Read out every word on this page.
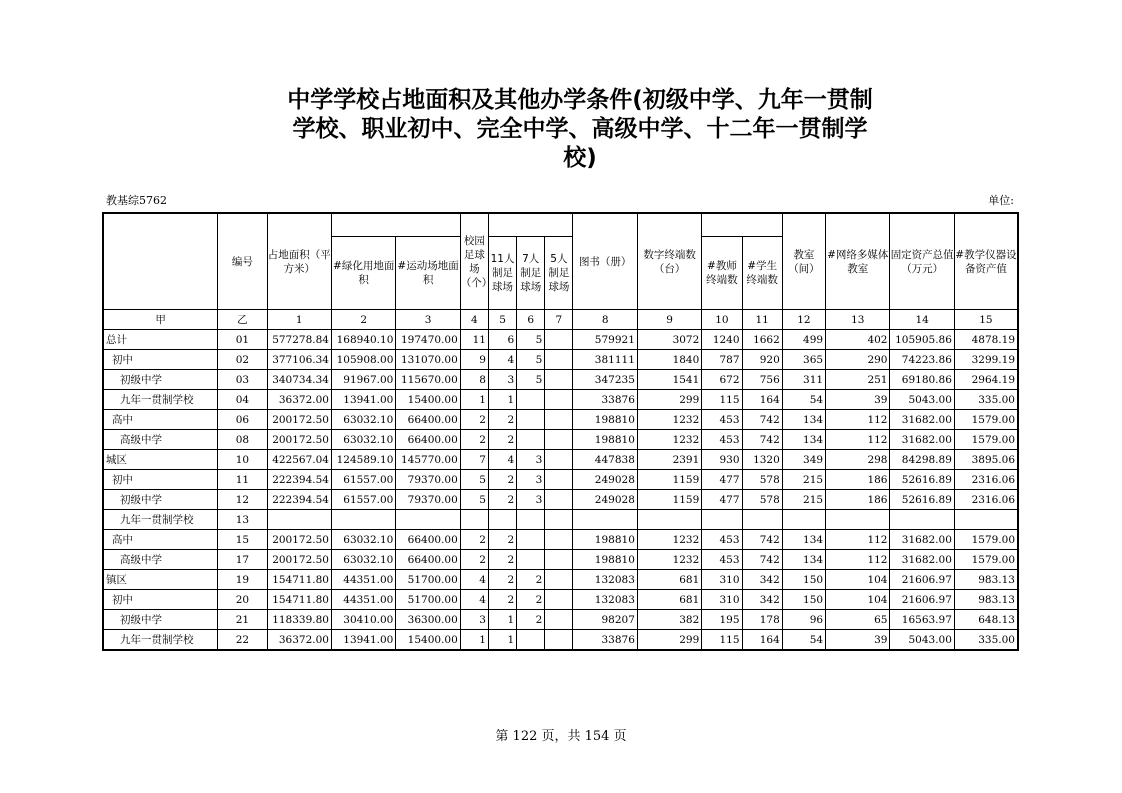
中学学校占地面积及其他办学条件(初级中学、九年一贯制
学校、职业初中、完全中学、高级中学、十二年一贯制学
校)
教基综5762	单位:
	编号	占地面积（平方米）			校园足球场（个）				图书（册）	数字终端数（台）			教室（间）	#网络多媒体教室	固定资产总值（万元）	#教学仪器设备资产值
			#绿化用地面积	#运动场地面积		11人制足球场	7人制足球场	5人制足球场			#教师终端数	#学生终端数				
甲	乙	1	2	3	4	5	6	7	8	9	10	11	12	13	14	15
总计	01	577278.84	168940.10	197470.00	11	6	5		579921	3072	1240	1662	499	402	105905.86	4878.19
初中	02	377106.34	105908.00	131070.00	9	4	5		381111	1840	787	920	365	290	74223.86	3299.19
初级中学	03	340734.34	91967.00	115670.00	8	3	5		347235	1541	672	756	311	251	69180.86	2964.19
九年一贯制学校	04	36372.00	13941.00	15400.00	1	1			33876	299	115	164	54	39	5043.00	335.00
高中	06	200172.50	63032.10	66400.00	2	2			198810	1232	453	742	134	112	31682.00	1579.00
高级中学	08	200172.50	63032.10	66400.00	2	2			198810	1232	453	742	134	112	31682.00	1579.00
城区	10	422567.04	124589.10	145770.00	7	4	3		447838	2391	930	1320	349	298	84298.89	3895.06
初中	11	222394.54	61557.00	79370.00	5	2	3		249028	1159	477	578	215	186	52616.89	2316.06
初级中学	12	222394.54	61557.00	79370.00	5	2	3		249028	1159	477	578	215	186	52616.89	2316.06
九年一贯制学校	13															
高中	15	200172.50	63032.10	66400.00	2	2			198810	1232	453	742	134	112	31682.00	1579.00
高级中学	17	200172.50	63032.10	66400.00	2	2			198810	1232	453	742	134	112	31682.00	1579.00
镇区	19	154711.80	44351.00	51700.00	4	2	2		132083	681	310	342	150	104	21606.97	983.13
初中	20	154711.80	44351.00	51700.00	4	2	2		132083	681	310	342	150	104	21606.97	983.13
初级中学	21	118339.80	30410.00	36300.00	3	1	2		98207	382	195	178	96	65	16563.97	648.13
九年一贯制学校	22	36372.00	13941.00	15400.00	1	1			33876	299	115	164	54	39	5043.00	335.00
第 122 页，共 154 页
